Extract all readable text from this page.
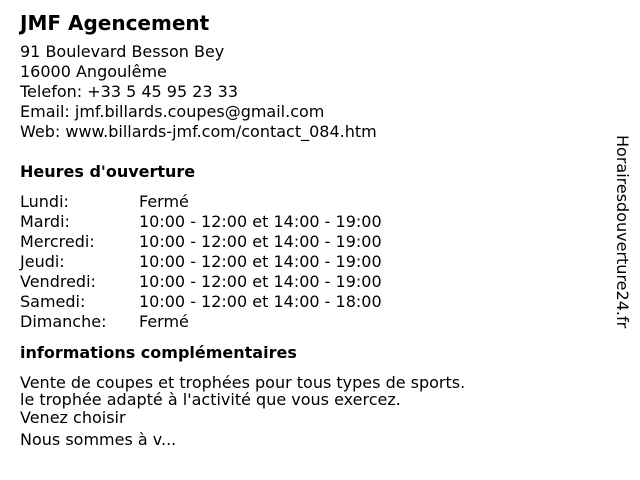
JMF Agencement
91 Boulevard Besson Bey
16000 Angoulême
Telefon: +33 5 45 95 23 33
Email: jmf.billards.coupes@gmail.com
Web: www.billards-jmf.com/contact_084.htm
Heures d'ouverture
Lundi:	Fermé
Mardi:	10:00 - 12:00 et 14:00 - 19:00
Mercredi:	10:00 - 12:00 et 14:00 - 19:00
Jeudi:	10:00 - 12:00 et 14:00 - 19:00
Vendredi:	10:00 - 12:00 et 14:00 - 19:00
Samedi:	10:00 - 12:00 et 14:00 - 18:00
Dimanche:	Fermé
informations complémentaires
Vente de coupes et trophées pour tous types de sports.
le trophée adapté à l'activité que vous exercez.
Venez choisir
Nous sommes à v...
Horairesdouverture24.fr
